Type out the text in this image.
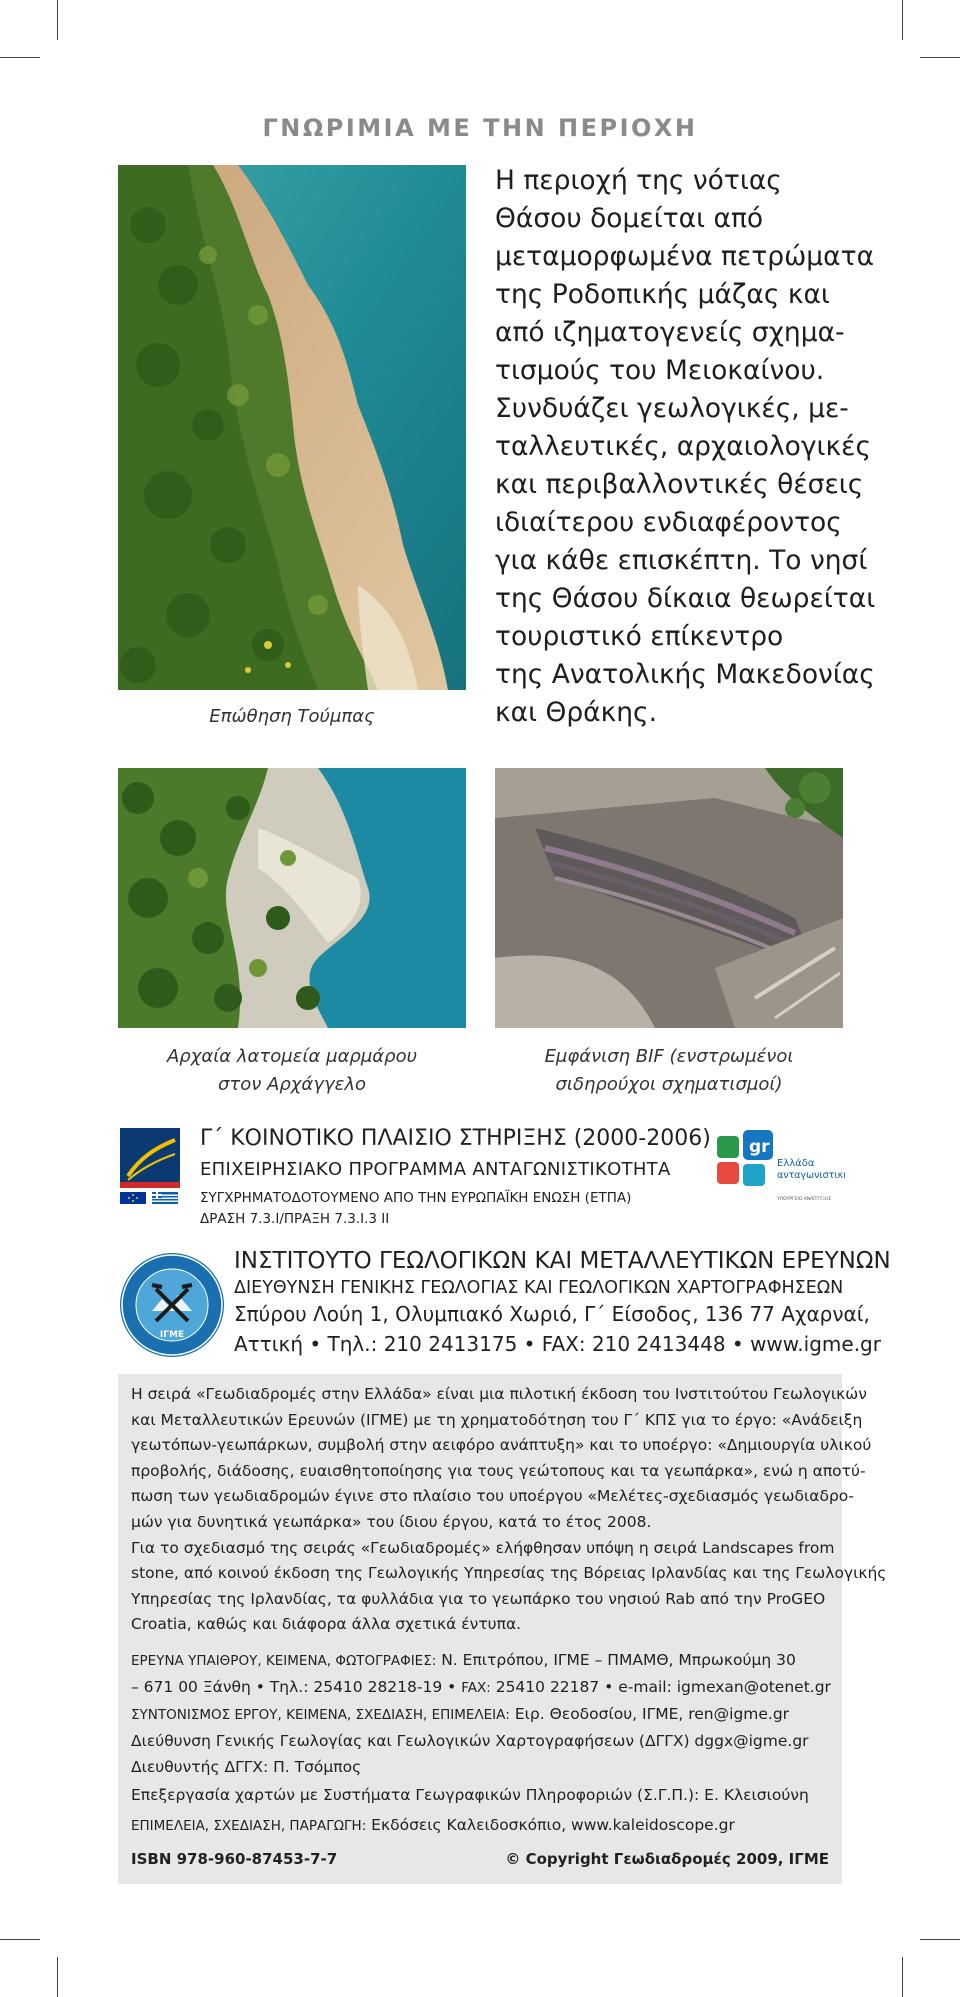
ΓΝΩΡΙΜΙΑ ΜΕ ΤΗΝ ΠΕΡΙΟΧΗ
Επώθηση Τούμπας
Η περιοχή της νότιας
Θάσου δομείται από
μεταμορφωμένα πετρώματα
της Ροδοπικής μάζας και
από ιζηματογενείς σχημα-
τισμούς του Μειοκαίνου.
Συνδυάζει γεωλογικές, με-
ταλλευτικές, αρχαιολογικές
και περιβαλλοντικές θέσεις
ιδιαίτερου ενδιαφέροντος
για κάθε επισκέπτη. Το νησί
της Θάσου δίκαια θεωρείται
τουριστικό επίκεντρο
της Ανατολικής Μακεδονίας
και Θράκης.
Αρχαία λατομεία μαρμάρου
στον Αρχάγγελο
Εμφάνιση BIF (ενστρωμένοι
σιδηρούχοι σχηματισμοί)
Γ΄ ΚΟΙΝΟΤΙΚΟ ΠΛΑΙΣΙΟ ΣΤΗΡΙΞΗΣ (2000-2006)
ΕΠΙΧΕΙΡΗΣΙΑΚΟ ΠΡΟΓΡΑΜΜΑ ΑΝΤΑΓΩΝΙΣΤΙΚΟΤΗΤΑ
ΣΥΓΧΡΗΜΑΤΟΔΟΤΟΥΜΕΝΟ ΑΠΟ ΤΗΝ ΕΥΡΩΠΑΪΚΗ ΕΝΩΣΗ (ΕΤΠΑ)
ΔΡΑΣΗ 7.3.Ι/ΠΡΑΞΗ 7.3.Ι.3 ΙΙ
gr
Ελλάδα
ανταγωνιστική
ΥΠΟΥΡΓΕΙΟ ΑΝΑΠΤΥΞΗΣ
ΙΓΜΕ
ΙΝΣΤΙΤΟΥΤΟ ΓΕΩΛΟΓΙΚΩΝ ΚΑΙ ΜΕΤΑΛΛΕΥΤΙΚΩΝ ΕΡΕΥΝΩΝ
ΔΙΕΥΘΥΝΣΗ ΓΕΝΙΚΗΣ ΓΕΩΛΟΓΙΑΣ ΚΑΙ ΓΕΩΛΟΓΙΚΩΝ ΧΑΡΤΟΓΡΑΦΗΣΕΩΝ
Σπύρου Λούη 1, Ολυμπιακό Χωριό, Γ΄ Είσοδος, 136 77 Αχαρναί,
Αττική • Τηλ.: 210 2413175 • FAX: 210 2413448 • www.igme.gr
Η σειρά «Γεωδιαδρομές στην Ελλάδα» είναι μια πιλοτική έκδοση του Ινστιτούτου Γεωλογικών
και Μεταλλευτικών Ερευνών (ΙΓΜΕ) με τη χρηματοδότηση του Γ΄ ΚΠΣ για το έργο: «Ανάδειξη
γεωτόπων-γεωπάρκων, συμβολή στην αειφόρο ανάπτυξη» και το υποέργο: «Δημιουργία υλικού
προβολής, διάδοσης, ευαισθητοποίησης για τους γεώτοπους και τα γεωπάρκα», ενώ η αποτύ-
πωση των γεωδιαδρομών έγινε στο πλαίσιο του υποέργου «Μελέτες-σχεδιασμός γεωδιαδρο-
μών για δυνητικά γεωπάρκα» του ίδιου έργου, κατά το έτος 2008.
Για το σχεδιασμό της σειράς «Γεωδιαδρομές» ελήφθησαν υπόψη η σειρά Landscapes from
stone, από κοινού έκδοση της Γεωλογικής Υπηρεσίας της Βόρειας Ιρλανδίας και της Γεωλογικής
Υπηρεσίας της Ιρλανδίας, τα φυλλάδια για το γεωπάρκο του νησιού Rab από την ProGEO
Croatia, καθώς και διάφορα άλλα σχετικά έντυπα.
ΕΡΕΥΝΑ ΥΠΑΙΘΡΟΥ, ΚΕΙΜΕΝΑ, ΦΩΤΟΓΡΑΦΙΕΣ: Ν. Επιτρόπου, ΙΓΜΕ – ΠΜΑΜΘ, Μπρωκούμη 30
– 671 00 Ξάνθη • Τηλ.: 25410 28218-19 • FAX: 25410 22187 • e-mail: igmexan@otenet.gr
ΣΥΝΤΟΝΙΣΜΟΣ ΕΡΓΟΥ, ΚΕΙΜΕΝΑ, ΣΧΕΔΙΑΣΗ, ΕΠΙΜΕΛΕΙΑ: Ειρ. Θεοδοσίου, ΙΓΜΕ, ren@igme.gr
Διεύθυνση Γενικής Γεωλογίας και Γεωλογικών Χαρτογραφήσεων (ΔΓΓΧ) dggx@igme.gr
Διευθυντής ΔΓΓΧ: Π. Τσόμπος
Επεξεργασία χαρτών με Συστήματα Γεωγραφικών Πληροφοριών (Σ.Γ.Π.): Ε. Κλεισιούνη
ΕΠΙΜΕΛΕΙΑ, ΣΧΕΔΙΑΣΗ, ΠΑΡΑΓΩΓΗ: Εκδόσεις Καλειδοσκόπιο, www.kaleidoscope.gr
ISBN 978-960-87453-7-7	© Copyright Γεωδιαδρομές 2009, ΙΓΜΕ
